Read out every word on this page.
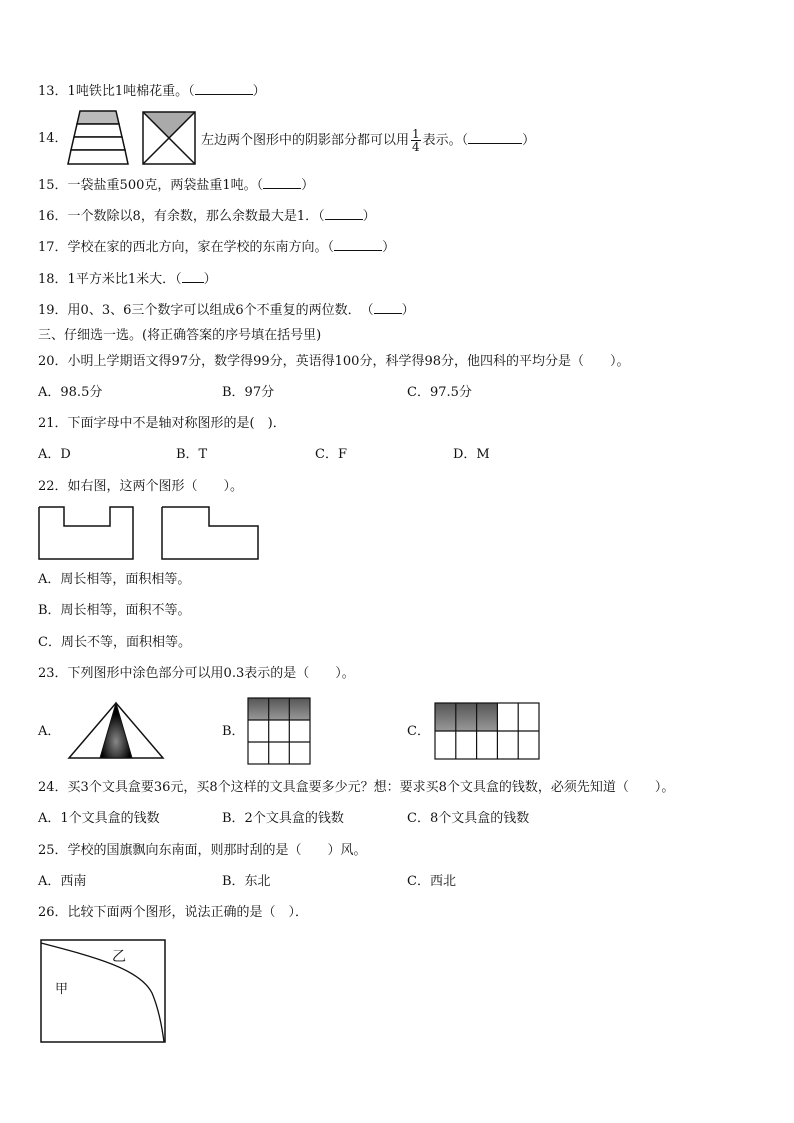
13．1吨铁比1吨棉花重。（	）
14．	左边两个图形中的阴影部分都可以用 $\frac{1}{4}$ 表示。（	）
15．一袋盐重500克，两袋盐重1吨。（	）
16．一个数除以8，有余数，那么余数最大是1．（	）
17．学校在家的西北方向，家在学校的东南方向。（	）
18．1平方米比1米大．（ ）
19．用0、3、6三个数字可以组成6个不重复的两位数．　（ ）
三、仔细选一选。(将正确答案的序号填在括号里)
20．小明上学期语文得97分，数学得99分，英语得100分，科学得98分，他四科的平均分是（　　）。
A．98.5分	B．97分	C．97.5分
21．下面字母中不是轴对称图形的是(　)．
A．D	B．T	C．F	D．M
22．如右图，这两个图形（　　）。
A．周长相等，面积相等。
B．周长相等，面积不等。
C．周长不等，面积相等。
23．下列图形中涂色部分可以用0.3表示的是（　　）。
A．	B．	C．
24．买3个文具盒要36元，买8个这样的文具盒要多少元？想：要求买8个文具盒的钱数，必须先知道（　　）。
A．1个文具盒的钱数	B．2个文具盒的钱数	C．8个文具盒的钱数
25．学校的国旗飘向东南面，则那时刮的是（　　）风。
A．西南	B．东北	C．西北
26．比较下面两个图形，说法正确的是（　）．
乙
甲
